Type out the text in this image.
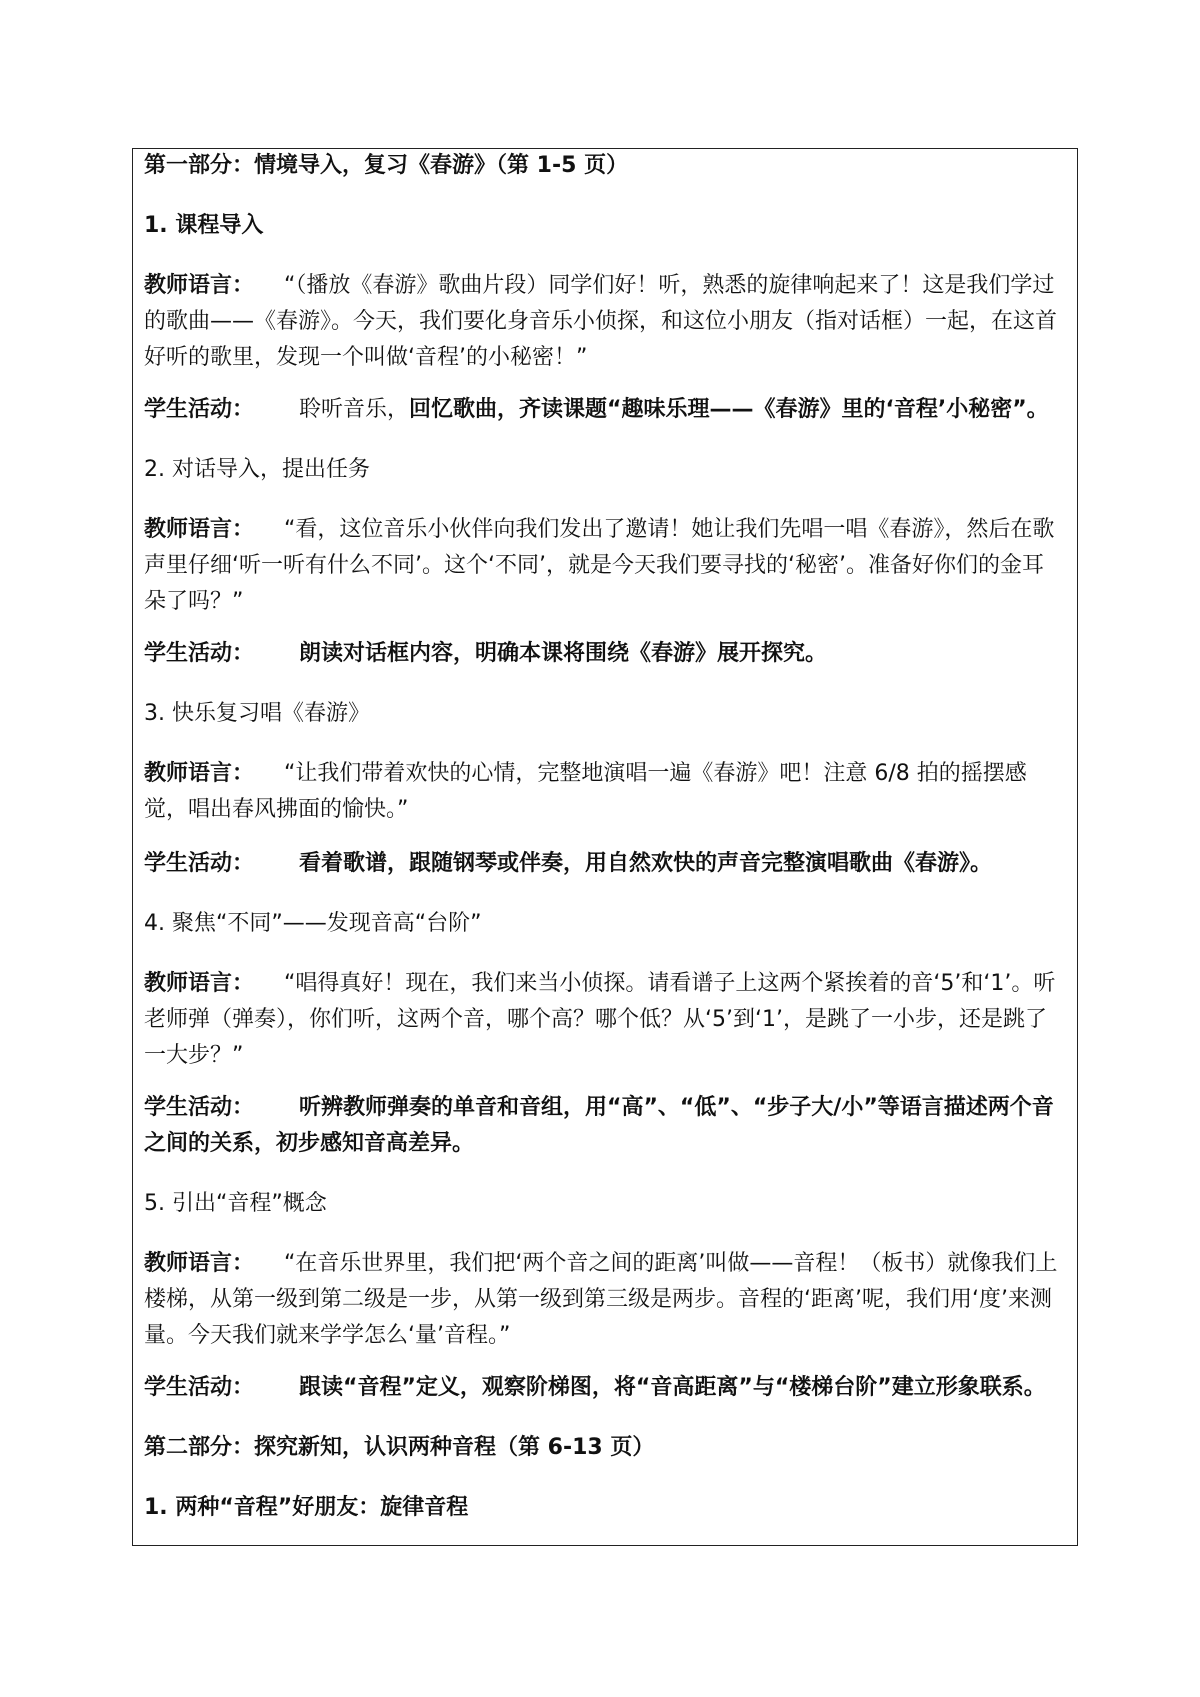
第一部分：情境导入，复习《春游》（第 1-5 页）
1. 课程导入
教师语言： “（播放《春游》歌曲片段）同学们好！听，熟悉的旋律响起来了！这是我们学过的歌曲——《春游》。今天，我们要化身音乐小侦探，和这位小朋友（指对话框）一起，在这首好听的歌里，发现一个叫做‘音程’的小秘密！”
学生活动： 聆听音乐，回忆歌曲，齐读课题“趣味乐理——《春游》里的‘音程’小秘密”。
2. 对话导入，提出任务
教师语言： “看，这位音乐小伙伴向我们发出了邀请！她让我们先唱一唱《春游》，然后在歌声里仔细‘听一听有什么不同’。这个‘不同’，就是今天我们要寻找的‘秘密’。准备好你们的金耳朵了吗？”
学生活动： 朗读对话框内容，明确本课将围绕《春游》展开探究。
3. 快乐复习唱《春游》
教师语言： “让我们带着欢快的心情，完整地演唱一遍《春游》吧！注意 6/8 拍的摇摆感觉，唱出春风拂面的愉快。”
学生活动： 看着歌谱，跟随钢琴或伴奏，用自然欢快的声音完整演唱歌曲《春游》。
4. 聚焦“不同”——发现音高“台阶”
教师语言： “唱得真好！现在，我们来当小侦探。请看谱子上这两个紧挨着的音‘5’和‘1’。听老师弹（弹奏），你们听，这两个音，哪个高？哪个低？从‘5’到‘1’，是跳了一小步，还是跳了一大步？”
学生活动： 听辨教师弹奏的单音和音组，用“高”、“低”、“步子大/小”等语言描述两个音之间的关系，初步感知音高差异。
5. 引出“音程”概念
教师语言： “在音乐世界里，我们把‘两个音之间的距离’叫做——音程！（板书）就像我们上楼梯，从第一级到第二级是一步，从第一级到第三级是两步。音程的‘距离’呢，我们用‘度’来测量。今天我们就来学学怎么‘量’音程。”
学生活动： 跟读“音程”定义，观察阶梯图，将“音高距离”与“楼梯台阶”建立形象联系。
第二部分：探究新知，认识两种音程（第 6-13 页）
1. 两种“音程”好朋友：旋律音程
